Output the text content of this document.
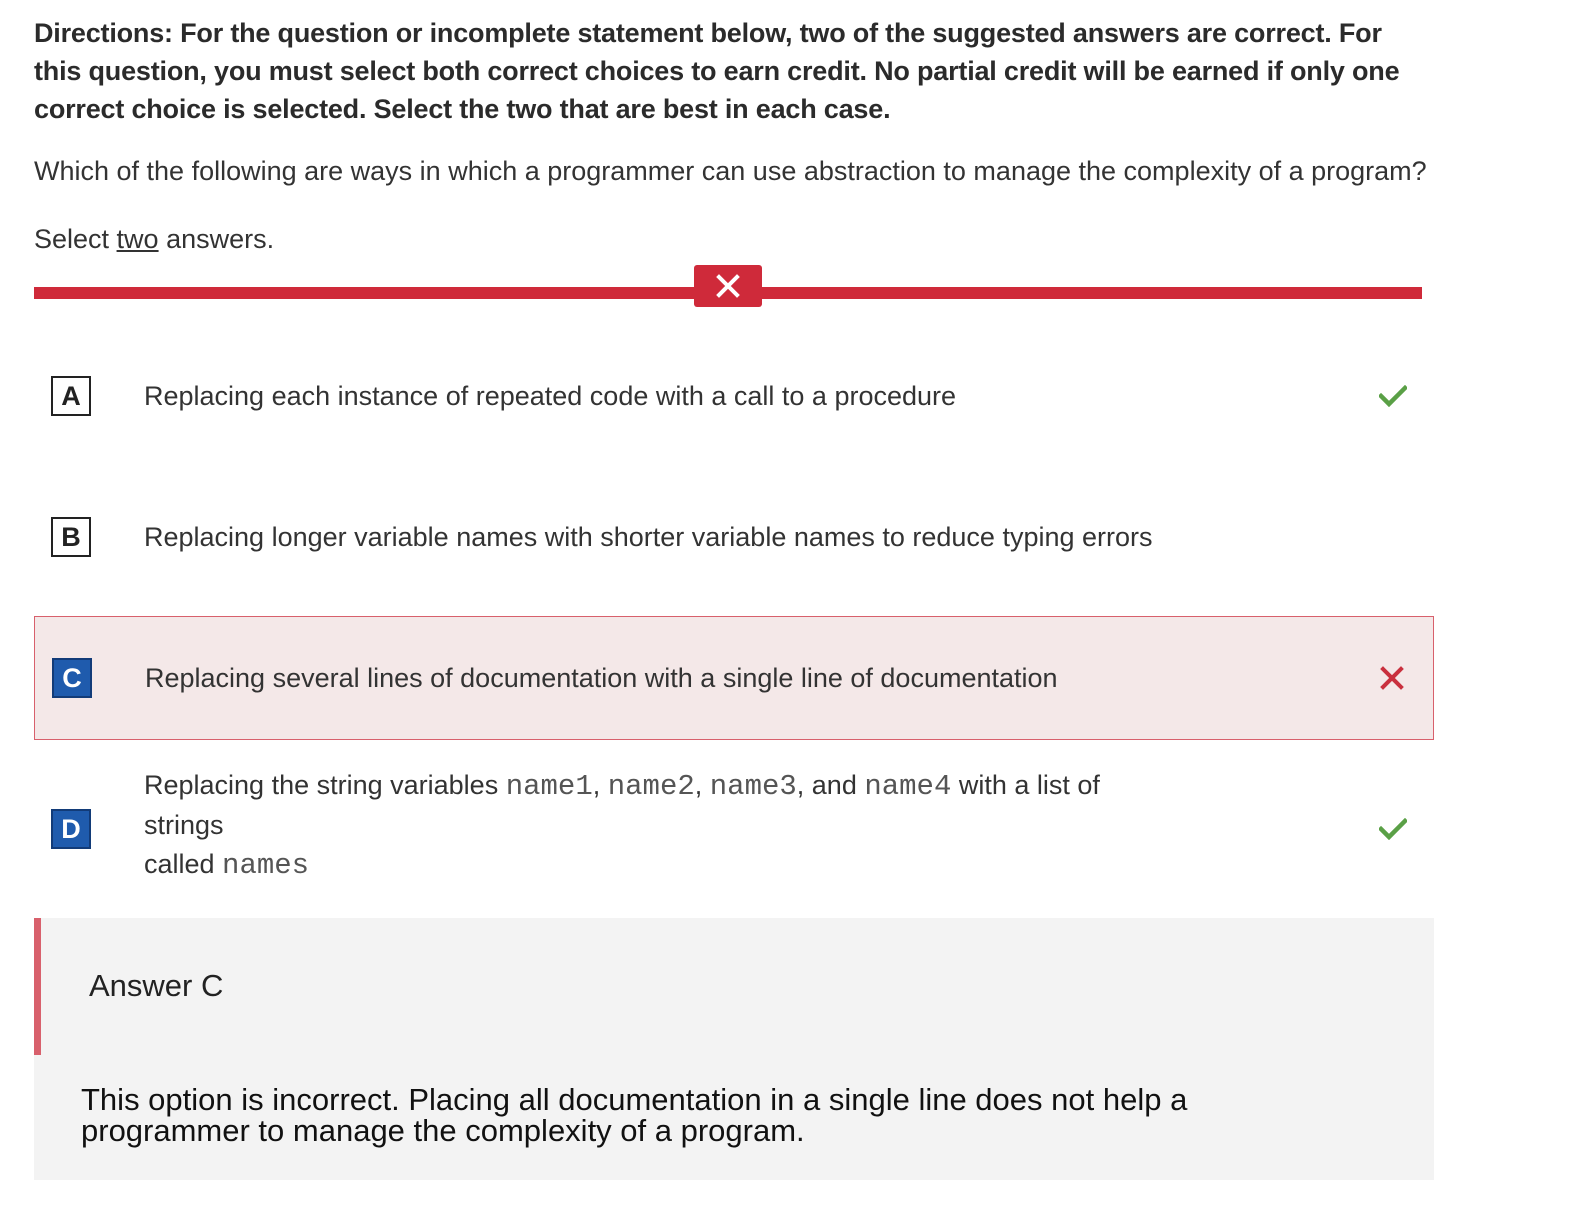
Directions: For the question or incomplete statement below, two of the suggested answers are correct. For this question, you must select both correct choices to earn credit. No partial credit will be earned if only one correct choice is selected. Select the two that are best in each case.

Which of the following are ways in which a programmer can use abstraction to manage the complexity of a program?

Select two answers.

A	Replacing each instance of repeated code with a call to a procedure
B	Replacing longer variable names with shorter variable names to reduce typing errors
C	Replacing several lines of documentation with a single line of documentation
D
Replacing the string variables name1, name2, name3, and name4 with a list of
strings
called names
Answer C
This option is incorrect. Placing all documentation in a single line does not help a programmer to manage the complexity of a program.
